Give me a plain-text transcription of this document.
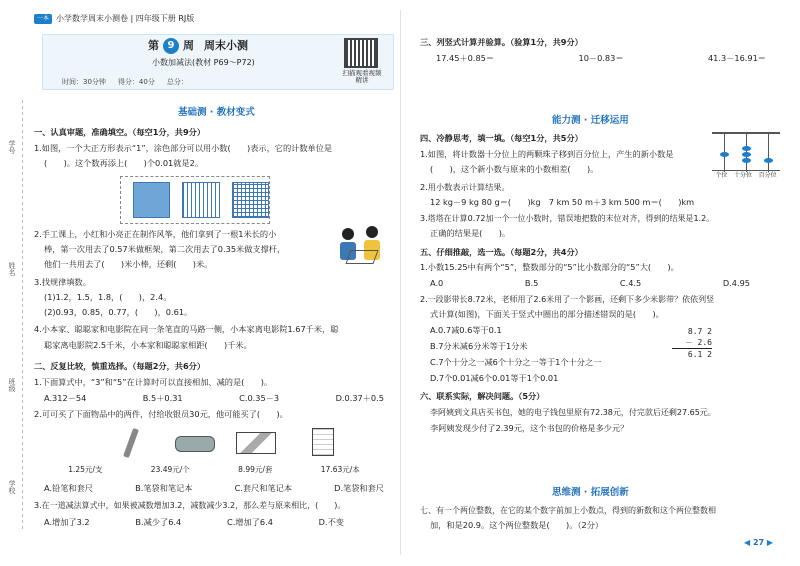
一本 小学数学周末小测卷 | 四年级下册 RJ版
第 9 周 周末小测
小数加减法(教材 P69～P72)
时间：30分钟 得分：40分 总分：
扫描观看视频精讲
学号
姓名
班级
学校
基础测 · 教材变式
一、认真审题，准确填空。（每空1分，共9分）
1.如图，一个大正方形表示“1”，涂色部分可以用小数(　　)表示，它的计数单位是
(　　)。这个数再添上(　　)个0.01就是2。
2.手工课上，小红和小亮正在制作风筝，他们拿到了一根1米长的小
棒，第一次用去了0.57米做框架，第二次用去了0.35米做支撑杆，
他们一共用去了(　　)米小棒，还剩(　　)米。
3.找规律填数。
(1)1.2，1.5，1.8，(　　)，2.4。
(2)0.93，0.85，0.77，(　　)，0.61。
4.小本家、聪聪家和电影院在同一条笔直的马路一侧，小本家离电影院1.67千米，聪
聪家离电影院2.5千米，小本家和聪聪家相距(　　)千米。
二、反复比较，慎重选择。（每题2分，共6分）
1.下面算式中，“3”和“5”在计算时可以直接相加、减的是(　　)。
A.312－54	B.5＋0.31	C.0.35－3	D.0.37＋0.5
2.可可买了下面物品中的两件，付给收银员30元，他可能买了(　　)。
1.25元/支	23.49元/个	8.99元/套	17.63元/本
A.铅笔和套尺	B.笔袋和笔记本	C.套尺和笔记本	D.笔袋和套尺
3.在一道减法算式中，如果被减数增加3.2，减数减少3.2，那么差与原来相比，(　　)。
A.增加了3.2	B.减少了6.4	C.增加了6.4	D.不变
三、列竖式计算并验算。（验算1分，共9分）
17.45＋0.85＝	10－0.83＝	41.3－16.91＝
能力测 · 迁移运用
四、冷静思考，填一填。（每空1分，共5分）
1.如图，将计数器十分位上的两颗珠子移到百分位上，产生的新小数是
(　　)，这个新小数与原来的小数相差(　　)。
个位 十分位 百分位
2.用小数表示计算结果。
12 kg－9 kg 80 g＝(　　)kg　7 km 50 m＋3 km 500 m＝(　　)km
3.塔塔在计算0.72加一个一位小数时，错误地把数的末位对齐，得到的结果是1.2。
正确的结果是(　　)。
五、仔细推敲，选一选。（每题2分，共4分）
1.小数15.25中有两个“5”，整数部分的“5”比小数部分的“5”大(　　)。
A.0	B.5	C.4.5	D.4.95
2.一段影带长8.72米，老师用了2.6米用了一个影画，还剩下多少米影带？依依列竖
式计算(如图)，下面关于竖式中圈出的部分描述错误的是(　　)。
A.0.7减0.6等于0.1
B.7分米减6分米等于1分米
C.7个十分之一减6个十分之一等于1个十分之一
D.7个0.01减6个0.01等于1个0.01
8.7 2
－ 2.6
6.1 2
六、联系实际，解决问题。（5分）
李阿姨到文具店买书包，她的电子钱包里原有72.38元，付完款后还剩27.65元。
李阿姨发现少付了2.39元，这个书包的价格是多少元？
思维测 · 拓展创新
七、有一个两位整数，在它的某个数字前加上小数点，得到的新数和这个两位整数相
加，和是20.9。这个两位整数是(　　)。（2分）
◀ 27 ▶
